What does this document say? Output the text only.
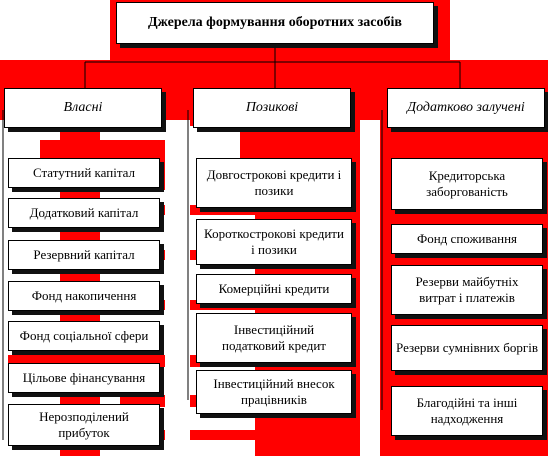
Джерела формування оборотних засобів
Власні	Позикові	Додатково залучені
Статутний капітал
Додатковий капітал
Резервний капітал
Фонд накопичення
Фонд соціальної сфери
Цільове фінансування
Нерозподілений прибуток
Довгострокові кредити і позики
Короткострокові кредити і позики
Комерційні кредити
Інвестиційний податковий кредит
Інвестиційний внесок працівників
Кредиторська заборгованість
Фонд споживання
Резерви майбутніх витрат і платежів
Резерви сумнівних боргів
Благодійні та інші надходження
